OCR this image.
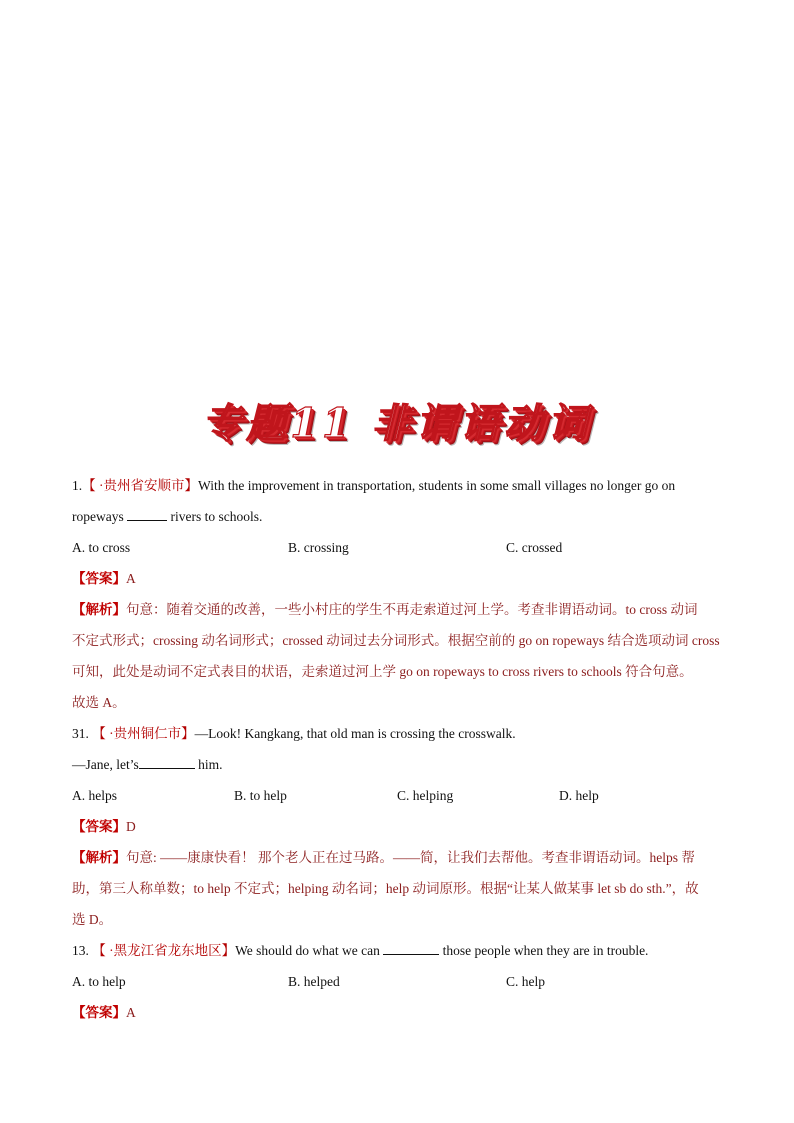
专题11 非谓语动词
1.【 ·贵州省安顺市】With the improvement in transportation, students in some small villages no longer go on
ropeways	rivers to schools.
A. to cross	B. crossing	C. crossed
【答案】A
【解析】句意：随着交通的改善，一些小村庄的学生不再走索道过河上学。考查非谓语动词。to cross 动词
不定式形式；crossing 动名词形式；crossed 动词过去分词形式。根据空前的 go on ropeways 结合选项动词 cross
可知，此处是动词不定式表目的状语，走索道过河上学 go on ropeways to cross rivers to schools 符合句意。
故选 A。
31. 【 ·贵州铜仁市】—Look! Kangkang, that old man is crossing the crosswalk.
—Jane, let’s	him.
A. helps	B. to help	C. helping	D. help
【答案】D
【解析】句意: ——康康快看！ 那个老人正在过马路。——简，让我们去帮他。考查非谓语动词。helps 帮
助，第三人称单数；to help 不定式；helping 动名词；help 动词原形。根据“让某人做某事 let sb do sth.”，故
选 D。
13. 【 ·黑龙江省龙东地区】We should do what we can	those people when they are in trouble.
A. to help	B. helped	C. help
【答案】A
